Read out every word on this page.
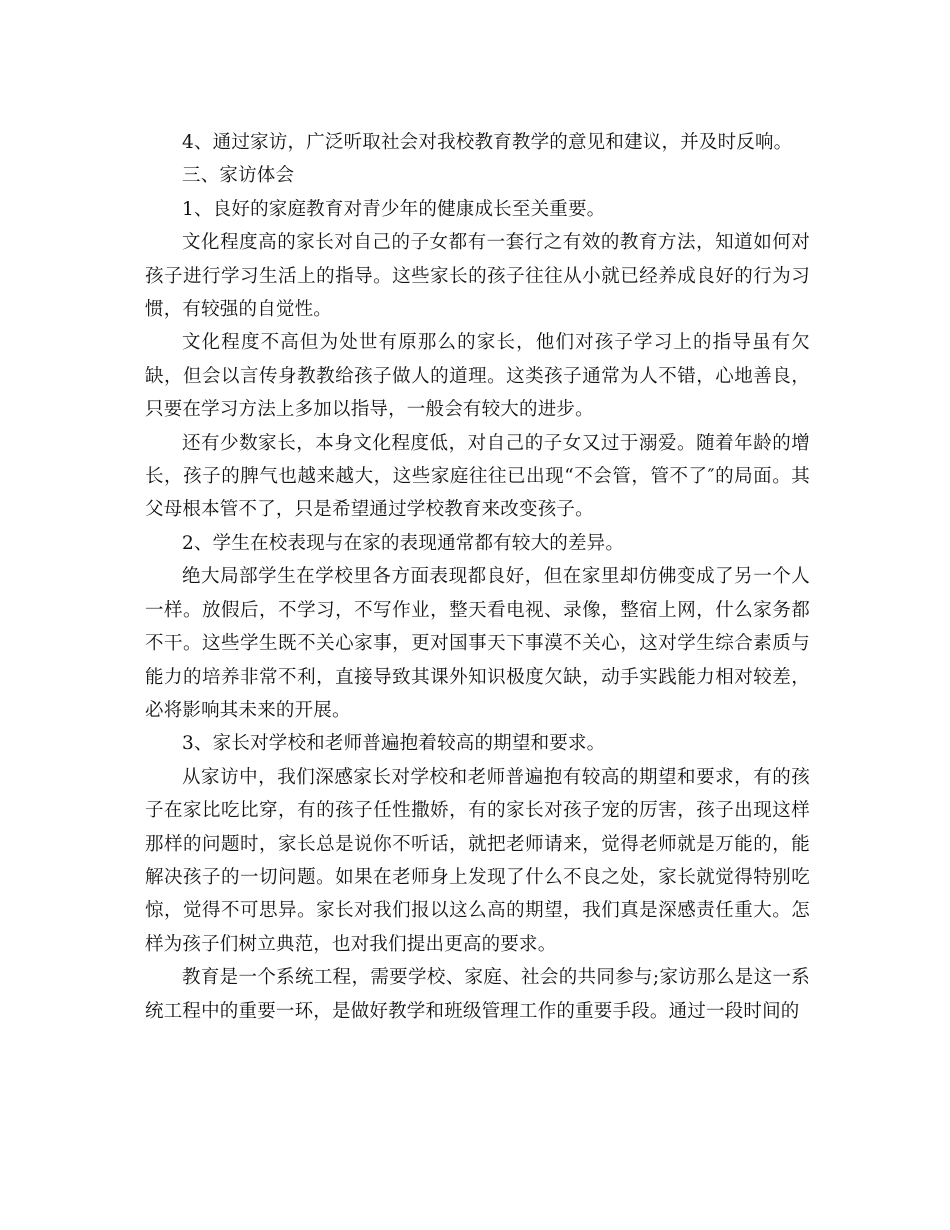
4、通过家访，广泛听取社会对我校教育教学的意见和建议，并及时反响。

三、家访体会

1、良好的家庭教育对青少年的健康成长至关重要。

文化程度高的家长对自己的子女都有一套行之有效的教育方法，知道如何对孩子进行学习生活上的指导。这些家长的孩子往往从小就已经养成良好的行为习惯，有较强的自觉性。

文化程度不高但为处世有原那么的家长，他们对孩子学习上的指导虽有欠缺，但会以言传身教教给孩子做人的道理。这类孩子通常为人不错，心地善良，只要在学习方法上多加以指导，一般会有较大的进步。

还有少数家长，本身文化程度低，对自己的子女又过于溺爱。随着年龄的增长，孩子的脾气也越来越大，这些家庭往往已出现“不会管，管不了″的局面。其父母根本管不了，只是希望通过学校教育来改变孩子。

2、学生在校表现与在家的表现通常都有较大的差异。

绝大局部学生在学校里各方面表现都良好，但在家里却仿佛变成了另一个人一样。放假后，不学习，不写作业，整天看电视、录像，整宿上网，什么家务都不干。这些学生既不关心家事，更对国事天下事漠不关心，这对学生综合素质与能力的培养非常不利，直接导致其课外知识极度欠缺，动手实践能力相对较差，必将影响其未来的开展。

3、家长对学校和老师普遍抱着较高的期望和要求。

从家访中，我们深感家长对学校和老师普遍抱有较高的期望和要求，有的孩子在家比吃比穿，有的孩子任性撒娇，有的家长对孩子宠的厉害，孩子出现这样那样的问题时，家长总是说你不听话，就把老师请来，觉得老师就是万能的，能解决孩子的一切问题。如果在老师身上发现了什么不良之处，家长就觉得特别吃惊，觉得不可思异。家长对我们报以这么高的期望，我们真是深感责任重大。怎样为孩子们树立典范，也对我们提出更高的要求。

教育是一个系统工程，需要学校、家庭、社会的共同参与;家访那么是这一系统工程中的重要一环，是做好教学和班级管理工作的重要手段。通过一段时间的
